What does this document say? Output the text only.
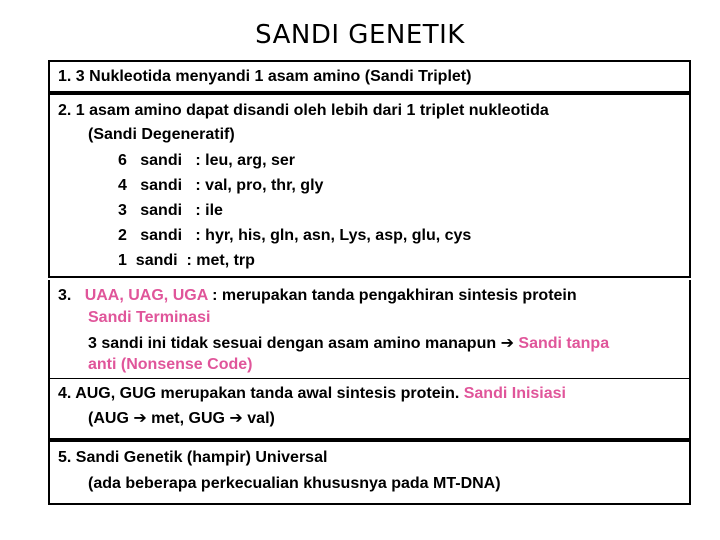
SANDI GENETIK
1. 3 Nukleotida menyandi 1 asam amino (Sandi Triplet)
2. 1 asam amino dapat disandi oleh lebih dari 1 triplet nukleotida
(Sandi Degeneratif)
6 sandi : leu, arg, ser
4 sandi : val, pro, thr, gly
3 sandi : ile
2 sandi : hyr, his, gln, asn, Lys, asp, glu, cys
1 sandi : met, trp
3. UAA, UAG, UGA : merupakan tanda pengakhiran sintesis protein
Sandi Terminasi
3 sandi ini tidak sesuai dengan asam amino manapun ➔ Sandi tanpa
anti (Nonsense Code)
4. AUG, GUG merupakan tanda awal sintesis protein. Sandi Inisiasi
(AUG ➔ met, GUG ➔ val)
5. Sandi Genetik (hampir) Universal
(ada beberapa perkecualian khususnya pada MT-DNA)
